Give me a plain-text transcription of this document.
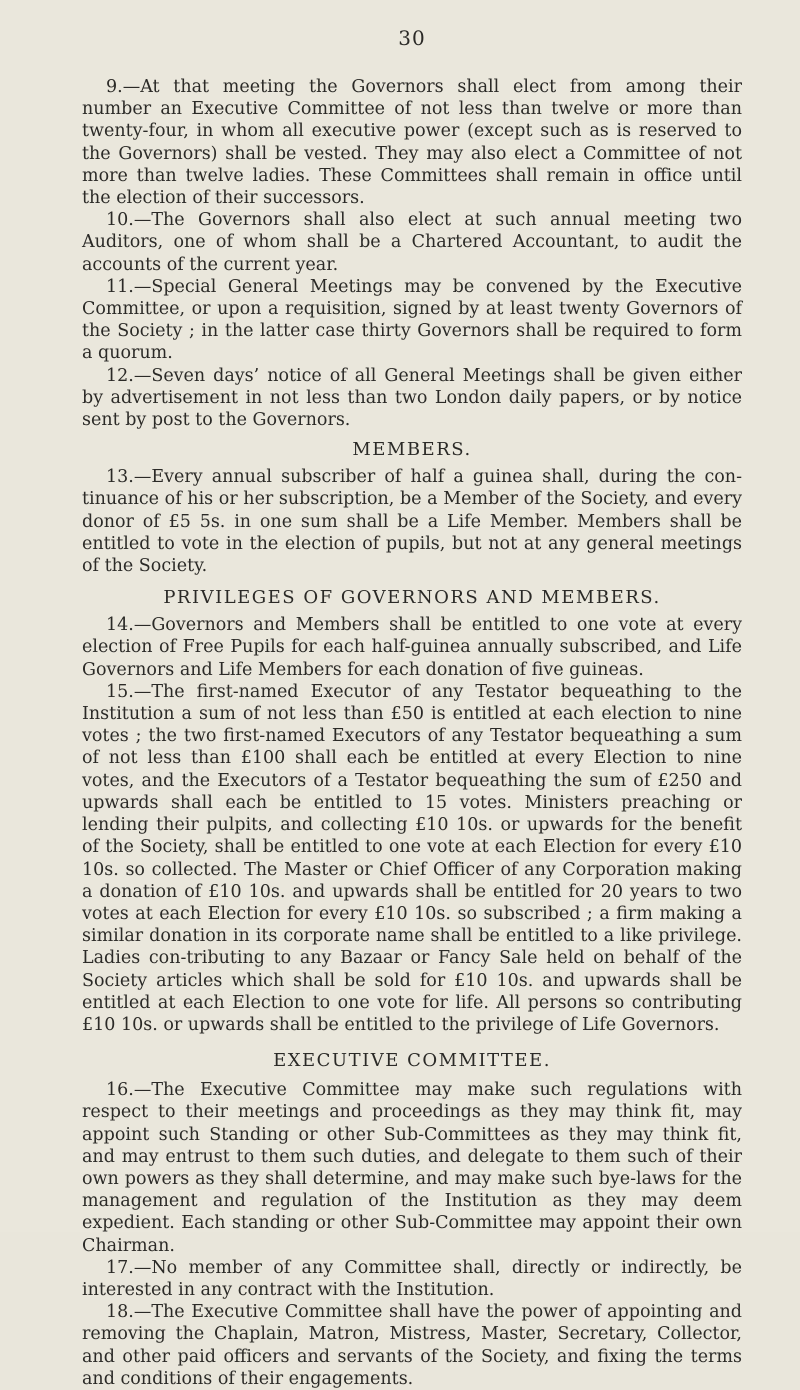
30

9.—At that meeting the Governors shall elect from among their number an Executive Committee of not less than twelve or more than twenty-four, in whom all executive power (except such as is reserved to the Governors) shall be vested. They may also elect a Committee of not more than twelve ladies. These Committees shall remain in office until the election of their successors.

10.—The Governors shall also elect at such annual meeting two Auditors, one of whom shall be a Chartered Accountant, to audit the accounts of the current year.

11.—Special General Meetings may be convened by the Executive Committee, or upon a requisition, signed by at least twenty Governors of the Society ; in the latter case thirty Governors shall be required to form a quorum.

12.—Seven days’ notice of all General Meetings shall be given either by advertisement in not less than two London daily papers, or by notice sent by post to the Governors.

MEMBERS.

13.—Every annual subscriber of half a guinea shall, during the con-tinuance of his or her subscription, be a Member of the Society, and every donor of £5 5s. in one sum shall be a Life Member. Members shall be entitled to vote in the election of pupils, but not at any general meetings of the Society.

PRIVILEGES OF GOVERNORS AND MEMBERS.

14.—Governors and Members shall be entitled to one vote at every election of Free Pupils for each half-guinea annually subscribed, and Life Governors and Life Members for each donation of five guineas.

15.—The first-named Executor of any Testator bequeathing to the Institution a sum of not less than £50 is entitled at each election to nine votes ; the two first-named Executors of any Testator bequeathing a sum of not less than £100 shall each be entitled at every Election to nine votes, and the Executors of a Testator bequeathing the sum of £250 and upwards shall each be entitled to 15 votes. Ministers preaching or lending their pulpits, and collecting £10 10s. or upwards for the benefit of the Society, shall be entitled to one vote at each Election for every £10 10s. so collected. The Master or Chief Officer of any Corporation making a donation of £10 10s. and upwards shall be entitled for 20 years to two votes at each Election for every £10 10s. so subscribed ; a firm making a similar donation in its corporate name shall be entitled to a like privilege. Ladies con-tributing to any Bazaar or Fancy Sale held on behalf of the Society articles which shall be sold for £10 10s. and upwards shall be entitled at each Election to one vote for life. All persons so contributing £10 10s. or upwards shall be entitled to the privilege of Life Governors.

EXECUTIVE COMMITTEE.

16.—The Executive Committee may make such regulations with respect to their meetings and proceedings as they may think fit, may appoint such Standing or other Sub-Committees as they may think fit, and may entrust to them such duties, and delegate to them such of their own powers as they shall determine, and may make such bye-laws for the management and regulation of the Institution as they may deem expedient. Each standing or other Sub-Committee may appoint their own Chairman.

17.—No member of any Committee shall, directly or indirectly, be interested in any contract with the Institution.

18.—The Executive Committee shall have the power of appointing and removing the Chaplain, Matron, Mistress, Master, Secretary, Collector, and other paid officers and servants of the Society, and fixing the terms and conditions of their engagements.
